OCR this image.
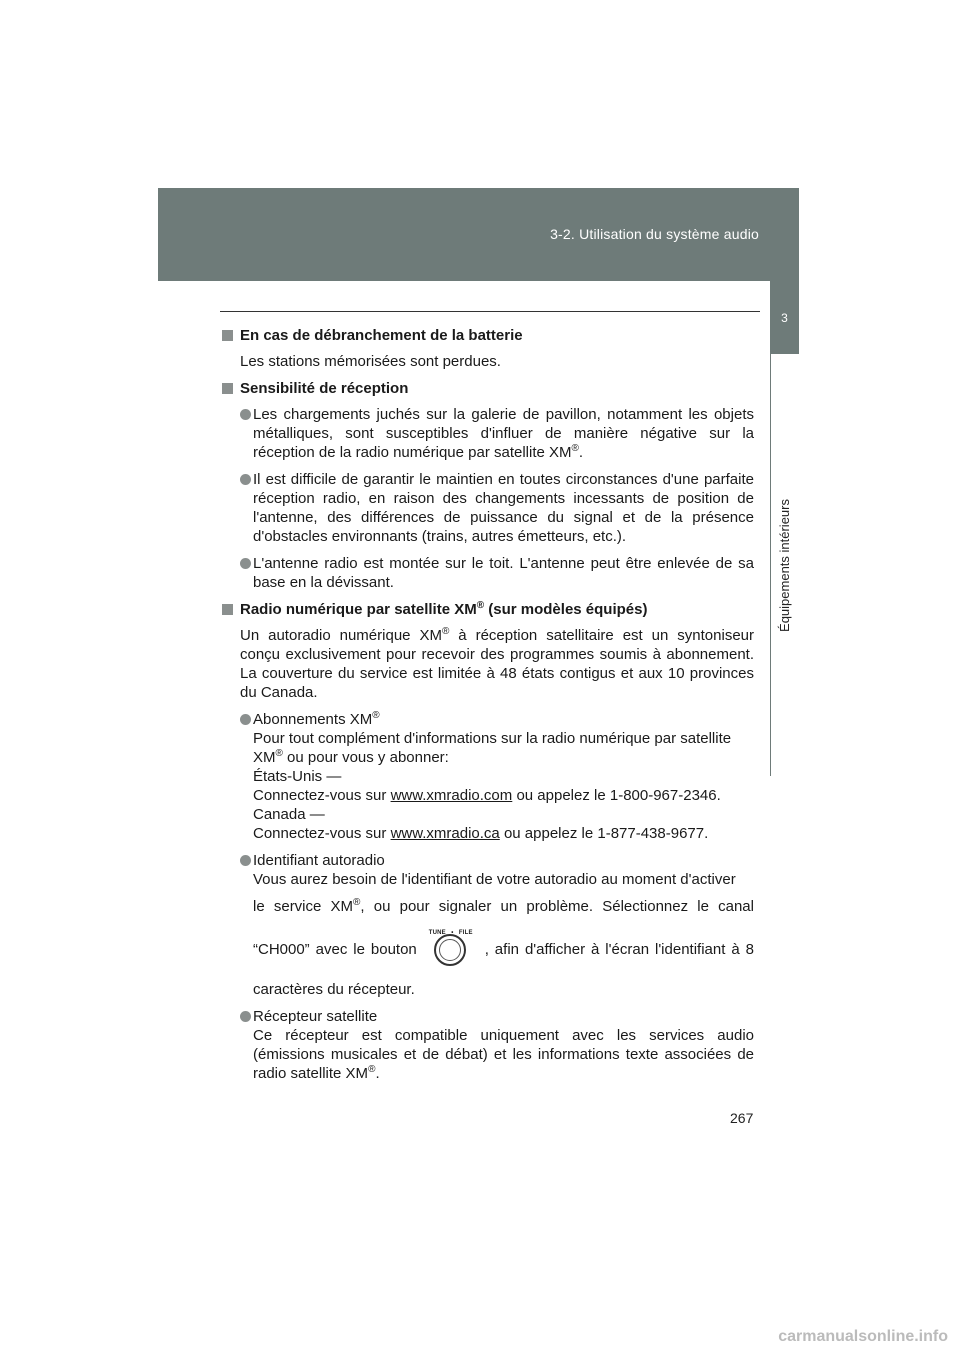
3-2. Utilisation du système audio
3
Équipements intérieurs
En cas de débranchement de la batterie
Les stations mémorisées sont perdues.
Sensibilité de réception
Les chargements juchés sur la galerie de pavillon, notamment les objets métalliques, sont susceptibles d'influer de manière négative sur la réception de la radio numérique par satellite XM®.
Il est difficile de garantir le maintien en toutes circonstances d'une parfaite réception radio, en raison des changements incessants de position de l'antenne, des différences de puissance du signal et de la présence d'obstacles environnants (trains, autres émetteurs, etc.).
L'antenne radio est montée sur le toit. L'antenne peut être enlevée de sa base en la dévissant.
Radio numérique par satellite XM® (sur modèles équipés)
Un autoradio numérique XM® à réception satellitaire est un syntoniseur conçu exclusivement pour recevoir des programmes soumis à abonnement. La couverture du service est limitée à 48 états contigus et aux 10 provinces du Canada.
Abonnements XM®
Pour tout complément d'informations sur la radio numérique par satellite
XM® ou pour vous y abonner:
États-Unis —
Connectez-vous sur www.xmradio.com ou appelez le 1-800-967-2346.
Canada —
Connectez-vous sur www.xmradio.ca ou appelez le 1-877-438-9677.
Identifiant autoradio
Vous aurez besoin de l'identifiant de votre autoradio au moment d'activer
le service XM®, ou pour signaler un problème. Sélectionnez le canal
“CH000” avec le bouton
TUNE • FILE
, afin d'afficher à l'écran l'identifiant à 8
caractères du récepteur.
Récepteur satellite
Ce récepteur est compatible uniquement avec les services audio (émissions musicales et de débat) et les informations texte associées de radio satellite XM®.
267
carmanualsonline.info
